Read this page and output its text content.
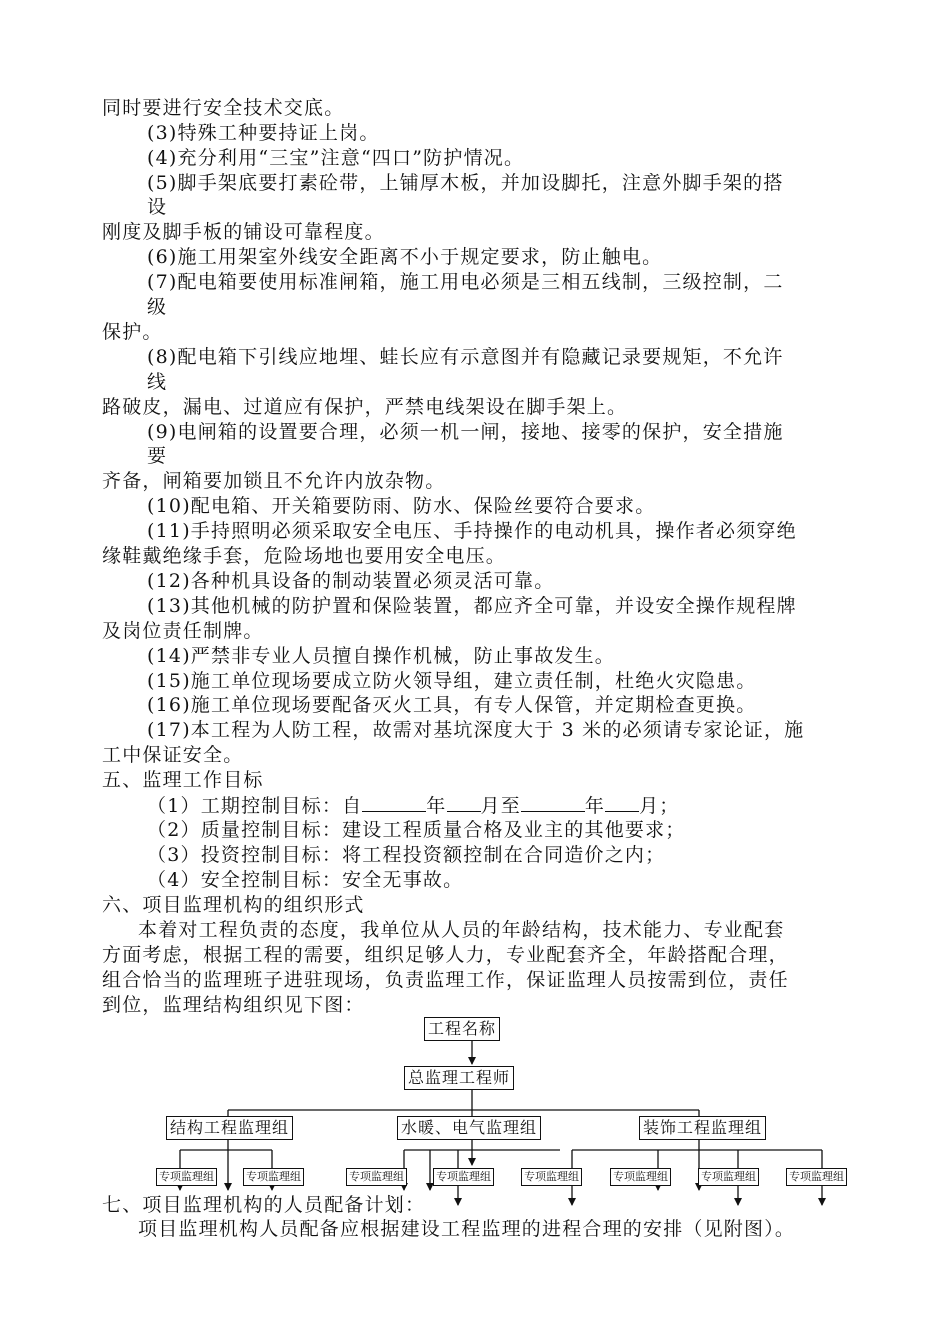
同时要进行安全技术交底。
(3)特殊工种要持证上岗。
(4)充分利用“三宝”注意“四口”防护情况。
(5)脚手架底要打素砼带，上铺厚木板，并加设脚托，注意外脚手架的搭
设
刚度及脚手板的铺设可靠程度。
(6)施工用架室外线安全距离不小于规定要求，防止触电。
(7)配电箱要使用标准闸箱，施工用电必须是三相五线制，三级控制，二
级
保护。
(8)配电箱下引线应地埋、蛙长应有示意图并有隐藏记录要规矩，不允许
线
路破皮，漏电、过道应有保护，严禁电线架设在脚手架上。
(9)电闸箱的设置要合理，必须一机一闸，接地、接零的保护，安全措施
要
齐备，闸箱要加锁且不允许内放杂物。
(10)配电箱、开关箱要防雨、防水、保险丝要符合要求。
(11)手持照明必须采取安全电压、手持操作的电动机具，操作者必须穿绝
缘鞋戴绝缘手套，危险场地也要用安全电压。
(12)各种机具设备的制动装置必须灵活可靠。
(13)其他机械的防护置和保险装置，都应齐全可靠，并设安全操作规程牌
及岗位责任制牌。
(14)严禁非专业人员擅自操作机械，防止事故发生。
(15)施工单位现场要成立防火领导组，建立责任制，杜绝火灾隐患。
(16)施工单位现场要配备灭火工具，有专人保管，并定期检查更换。
(17)本工程为人防工程，故需对基坑深度大于 3 米的必须请专家论证，施
工中保证安全。
五、监理工作目标
（1）工期控制目标：自	年 月至	年 月；
（2）质量控制目标：建设工程质量合格及业主的其他要求；
（3）投资控制目标：将工程投资额控制在合同造价之内；
（4）安全控制目标：安全无事故。
六、项目监理机构的组织形式
本着对工程负责的态度，我单位从人员的年龄结构，技术能力、专业配套
方面考虑，根据工程的需要，组织足够人力，专业配套齐全，年龄搭配合理，
组合恰当的监理班子进驻现场，负责监理工作，保证监理人员按需到位，责任
到位，监理结构组织见下图：
工程名称
总监理工程师
结构工程监理组	水暖、电气监理组	装饰工程监理组
专项监理组	专项监理组	专项监理组	专项监理组	专项监理组	专项监理组	专项监理组	专项监理组
七、项目监理机构的人员配备计划：
项目监理机构人员配备应根据建设工程监理的进程合理的安排（见附图）。
